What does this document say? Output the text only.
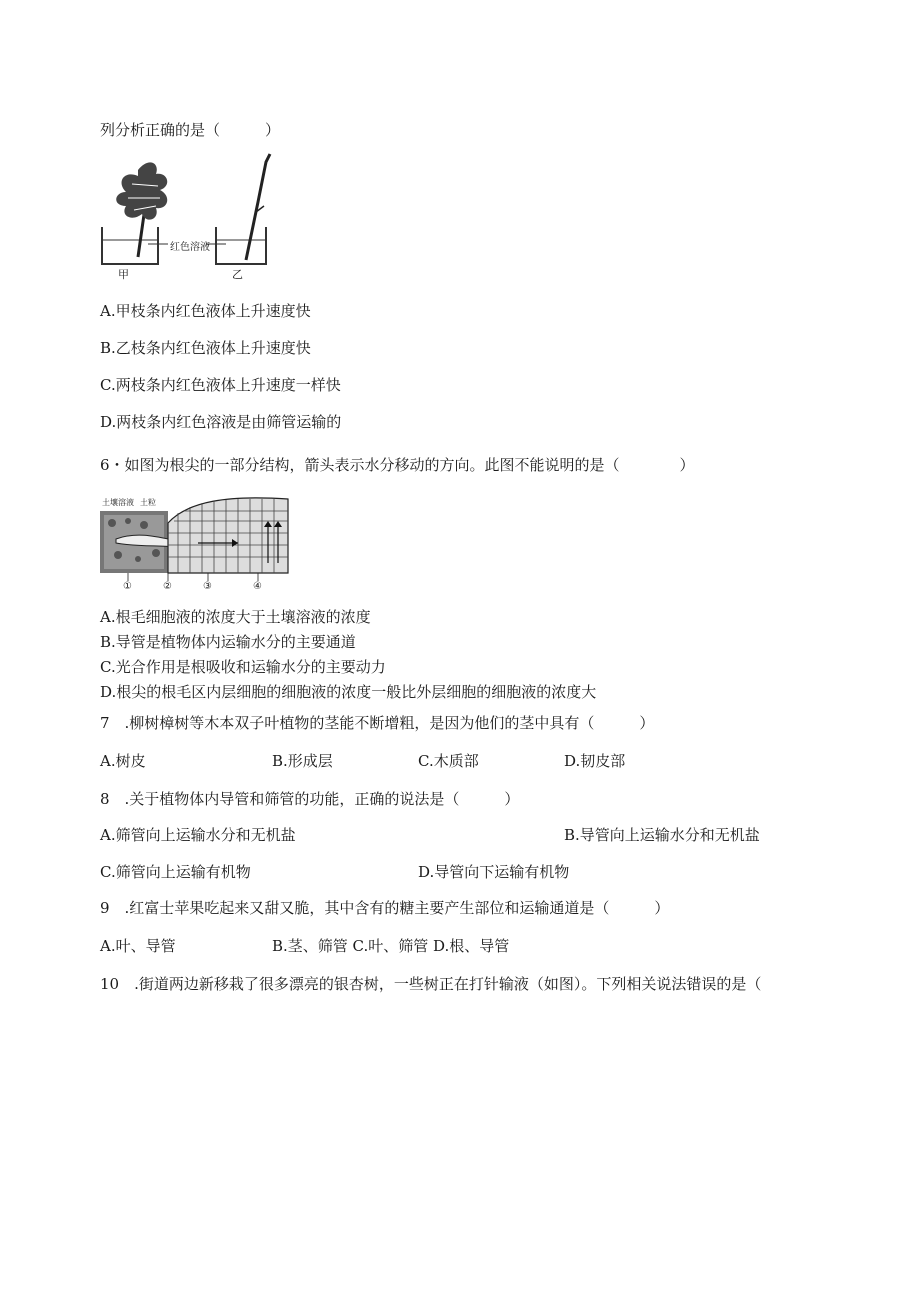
列分析正确的是（　　　）
红色溶液
甲	乙
A.甲枝条内红色液体上升速度快
B.乙枝条内红色液体上升速度快
C.两枝条内红色液体上升速度一样快
D.两枝条内红色溶液是由筛管运输的
6・如图为根尖的一部分结构，箭头表示水分移动的方向。此图不能说明的是（　　　　）
土壤溶液 土粒
①	②	③	④
A.根毛细胞液的浓度大于土壤溶液的浓度
B.导管是植物体内运输水分的主要通道
C.光合作用是根吸收和运输水分的主要动力
D.根尖的根毛区内层细胞的细胞液的浓度一般比外层细胞的细胞液的浓度大
7　.柳树樟树等木本双子叶植物的茎能不断增粗，是因为他们的茎中具有（　　　）
A.树皮	B.形成层	C.木质部	D.韧皮部
8　.关于植物体内导管和筛管的功能，正确的说法是（　　　）
A.筛管向上运输水分和无机盐	B.导管向上运输水分和无机盐
C.筛管向上运输有机物	D.导管向下运输有机物
9　.红富士苹果吃起来又甜又脆，其中含有的糖主要产生部位和运输通道是（　　　）
A.叶、导管	B.茎、筛管 C.叶、筛管 D.根、导管
10　.街道两边新移栽了很多漂亮的银杏树，一些树正在打针输液（如图）。下列相关说法错误的是（
